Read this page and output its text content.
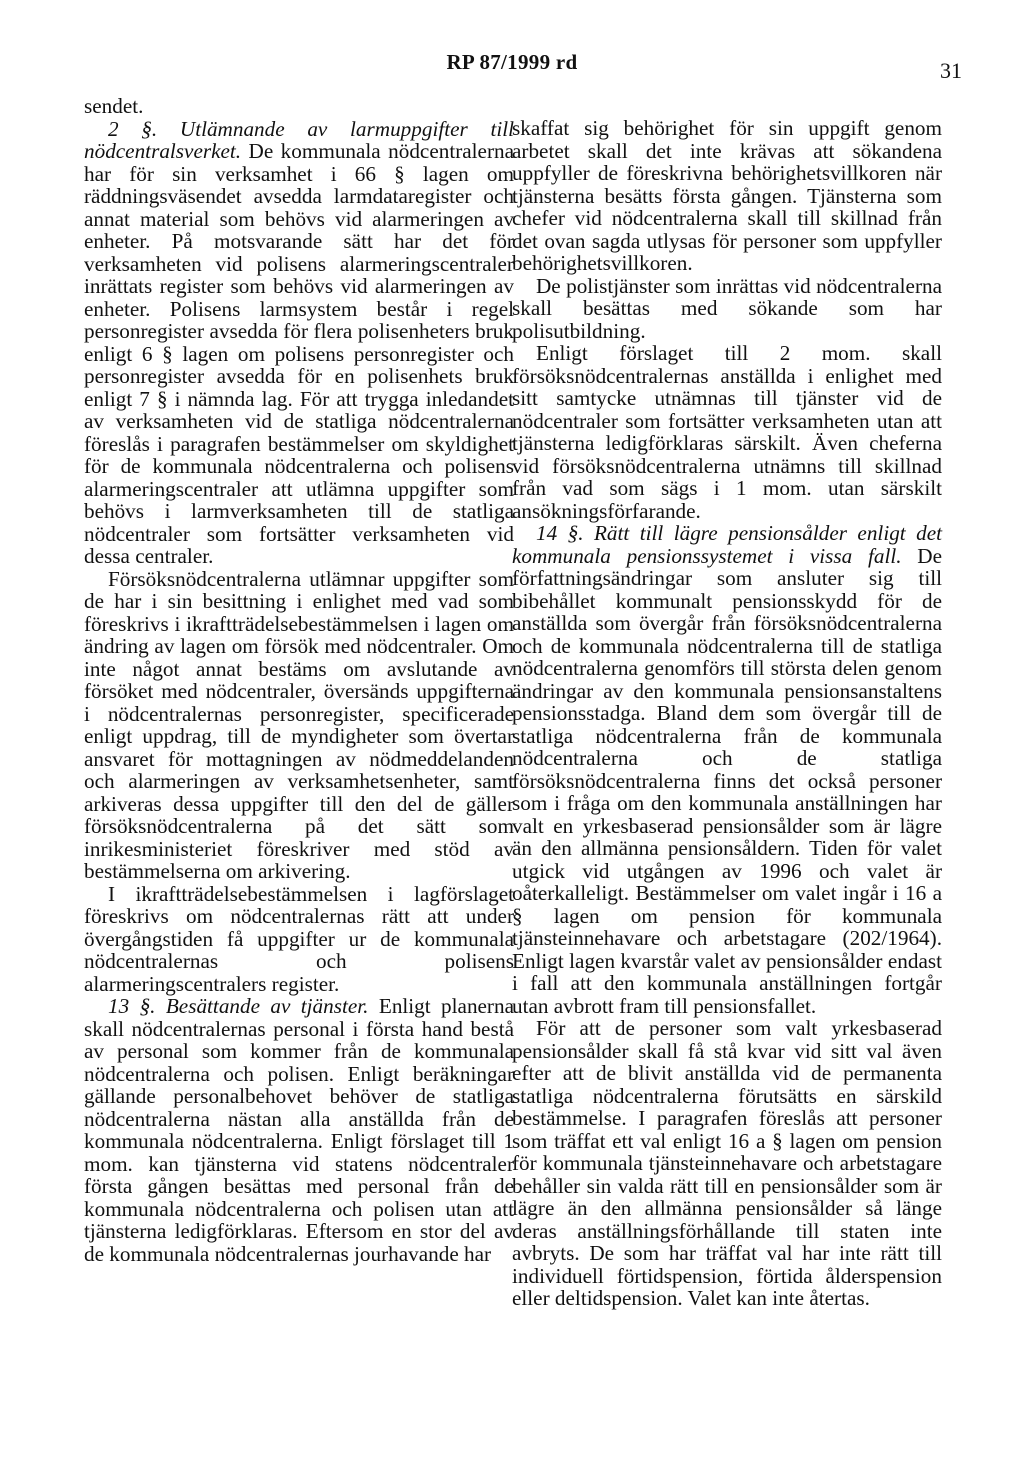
RP 87/1999 rd	31

sendet.

2 §. Utlämnande av larmuppgifter till nödcentralsverket. De kommunala nödcentralerna har för sin verksamhet i 66 § lagen om räddningsväsendet avsedda larmdataregister och annat material som behövs vid alarmeringen av enheter. På motsvarande sätt har det för verksamheten vid polisens alarmeringscentraler inrättats register som behövs vid alarmeringen av enheter. Polisens larmsystem består i regel personregister avsedda för flera polisenheters bruk enligt 6 § lagen om polisens personregister och personregister avsedda för en polisenhets bruk enligt 7 § i nämnda lag. För att trygga inledandet av verksamheten vid de statliga nödcentralerna föreslås i paragrafen bestämmelser om skyldighet för de kommunala nödcentralerna och polisens alarmeringscentraler att utlämna uppgifter som behövs i larmverksamheten till de statliga nödcentraler som fortsätter verksamheten vid dessa centraler.

Försöksnödcentralerna utlämnar uppgifter som de har i sin besittning i enlighet med vad som föreskrivs i ikraftträdelsebestämmelsen i lagen om ändring av lagen om försök med nödcentraler. Om inte något annat bestäms om avslutande av försöket med nödcentraler, översänds uppgifterna i nödcentralernas personregister, specificerade enligt uppdrag, till de myndigheter som övertar ansvaret för mottagningen av nödmeddelanden och alarmeringen av verksamhetsenheter, samt arkiveras dessa uppgifter till den del de gäller försöksnödcentralerna på det sätt som inrikesministeriet föreskriver med stöd av bestämmelserna om arkivering.

I ikraftträdelsebestämmelsen i lagförslaget föreskrivs om nödcentralernas rätt att under övergångstiden få uppgifter ur de kommunala nödcentralernas och polisens alarmeringscentralers register.

13 §. Besättande av tjänster. Enligt planerna skall nödcentralernas personal i första hand bestå av personal som kommer från de kommunala nödcentralerna och polisen. Enligt beräkningar gällande personalbehovet behöver de statliga nödcentralerna nästan alla anställda från de kommunala nödcentralerna. Enligt förslaget till 1 mom. kan tjänsterna vid statens nödcentraler första gången besättas med personal från de kommunala nödcentralerna och polisen utan att tjänsterna ledigförklaras. Eftersom en stor del av de kommunala nödcentralernas jourhavande har

skaffat sig behörighet för sin uppgift genom arbetet skall det inte krävas att sökandena uppfyller de föreskrivna behörighetsvillkoren när tjänsterna besätts första gången. Tjänsterna som chefer vid nödcentralerna skall till skillnad från det ovan sagda utlysas för personer som uppfyller behörighetsvillkoren.

De polistjänster som inrättas vid nödcentralerna skall besättas med sökande som har polisutbildning.

Enligt förslaget till 2 mom. skall försöksnödcentralernas anställda i enlighet med sitt samtycke utnämnas till tjänster vid de nödcentraler som fortsätter verksamheten utan att tjänsterna ledigförklaras särskilt. Även cheferna vid försöksnödcentralerna utnämns till skillnad från vad som sägs i 1 mom. utan särskilt ansökningsförfarande.

14 §. Rätt till lägre pensionsålder enligt det kommunala pensionssystemet i vissa fall. De författningsändringar som ansluter sig till bibehållet kommunalt pensionsskydd för de anställda som övergår från försöksnödcentralerna och de kommunala nödcentralerna till de statliga nödcentralerna genomförs till största delen genom ändringar av den kommunala pensionsanstaltens pensionsstadga. Bland dem som övergår till de statliga nödcentralerna från de kommunala nödcentralerna och de statliga försöksnödcentralerna finns det också personer som i fråga om den kommunala anställningen har valt en yrkesbaserad pensionsålder som är lägre än den allmänna pensionsåldern. Tiden för valet utgick vid utgången av 1996 och valet är oåterkalleligt. Bestämmelser om valet ingår i 16 a § lagen om pension för kommunala tjänsteinnehavare och arbetstagare (202/1964). Enligt lagen kvarstår valet av pensionsålder endast i fall att den kommunala anställningen fortgår utan avbrott fram till pensionsfallet.

För att de personer som valt yrkesbaserad pensionsålder skall få stå kvar vid sitt val även efter att de blivit anställda vid de permanenta statliga nödcentralerna förutsätts en särskild bestämmelse. I paragrafen föreslås att personer som träffat ett val enligt 16 a § lagen om pension för kommunala tjänsteinnehavare och arbetstagare behåller sin valda rätt till en pensionsålder som är lägre än den allmänna pensionsålder så länge deras anställningsförhållande till staten inte avbryts. De som har träffat val har inte rätt till individuell förtidspension, förtida ålderspension eller deltidspension. Valet kan inte återtas.
